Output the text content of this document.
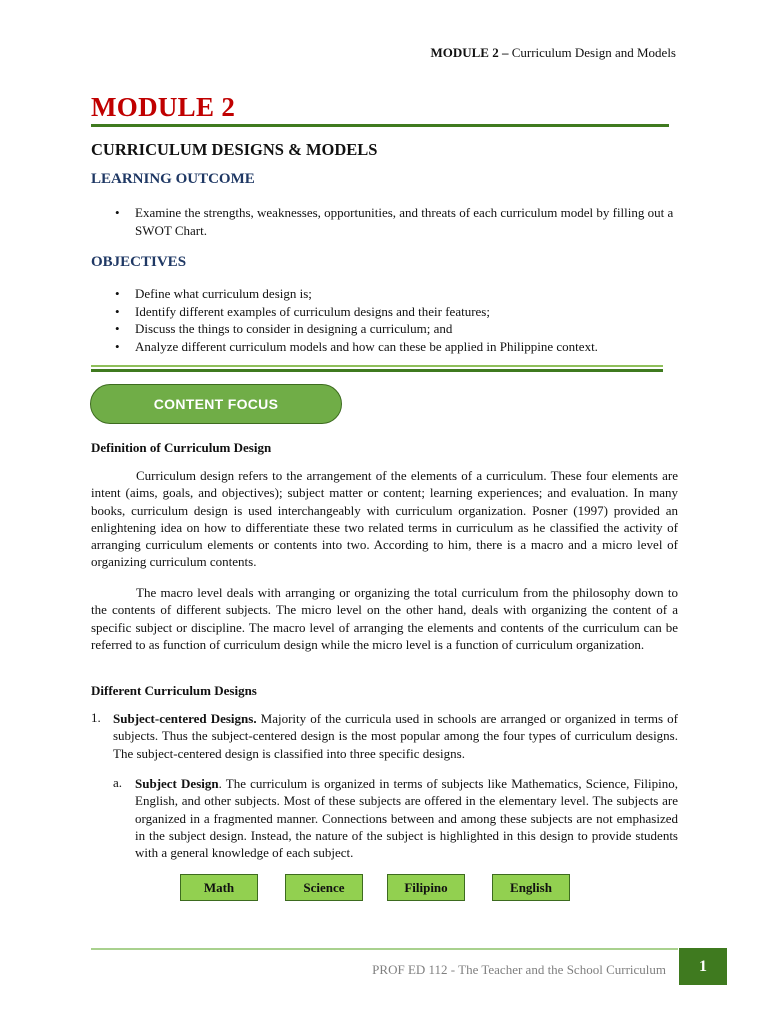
MODULE 2 – Curriculum Design and Models
MODULE 2
CURRICULUM DESIGNS & MODELS
LEARNING OUTCOME
• Examine the strengths, weaknesses, opportunities, and threats of each curriculum model by filling out a SWOT Chart.
OBJECTIVES
• Define what curriculum design is;
• Identify different examples of curriculum designs and their features;
• Discuss the things to consider in designing a curriculum; and
• Analyze different curriculum models and how can these be applied in Philippine context.
CONTENT FOCUS
Definition of Curriculum Design

Curriculum design refers to the arrangement of the elements of a curriculum. These four elements are intent (aims, goals, and objectives); subject matter or content; learning experiences; and evaluation. In many books, curriculum design is used interchangeably with curriculum organization. Posner (1997) provided an enlightening idea on how to differentiate these two related terms in curriculum as he classified the activity of arranging curriculum elements or contents into two. According to him, there is a macro and a micro level of organizing curriculum contents.

The macro level deals with arranging or organizing the total curriculum from the philosophy down to the contents of different subjects. The micro level on the other hand, deals with organizing the content of a specific subject or discipline. The macro level of arranging the elements and contents of the curriculum can be referred to as function of curriculum design while the micro level is a function of curriculum organization.

Different Curriculum Designs
1. Subject-centered Designs. Majority of the curricula used in schools are arranged or organized in terms of subjects. Thus the subject-centered design is the most popular among the four types of curriculum designs. The subject-centered design is classified into three specific designs.

a. Subject Design. The curriculum is organized in terms of subjects like Mathematics, Science, Filipino, English, and other subjects. Most of these subjects are offered in the elementary level. The subjects are organized in a fragmented manner. Connections between and among these subjects are not emphasized in the subject design. Instead, the nature of the subject is highlighted in this design to provide students with a general knowledge of each subject.

Math	Science	Filipino	English
PROF ED 112 - The Teacher and the School Curriculum	1
